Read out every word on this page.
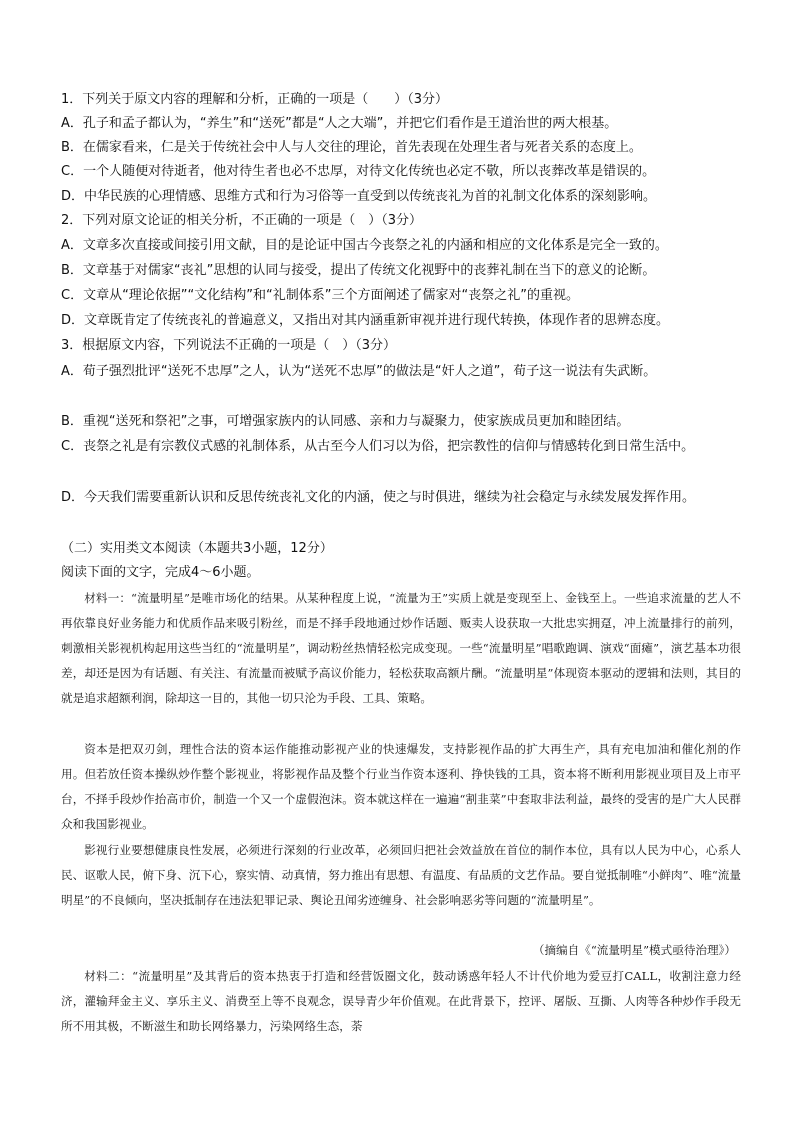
1．下列关于原文内容的理解和分析，正确的一项是（　　）（3分）
A．孔子和孟子都认为，“养生”和“送死”都是“人之大端”，并把它们看作是王道治世的两大根基。
B．在儒家看来，仁是关于传统社会中人与人交往的理论，首先表现在处理生者与死者关系的态度上。
C．一个人随便对待逝者，他对待生者也必不忠厚，对待文化传统也必定不敬，所以丧葬改革是错误的。
D．中华民族的心理情感、思维方式和行为习俗等一直受到以传统丧礼为首的礼制文化体系的深刻影响。
2．下列对原文论证的相关分析，不正确的一项是（　）（3分）
A．文章多次直接或间接引用文献，目的是论证中国古今丧祭之礼的内涵和相应的文化体系是完全一致的。
B．文章基于对儒家“丧礼”思想的认同与接受，提出了传统文化视野中的丧葬礼制在当下的意义的论断。
C．文章从“理论依据”“文化结构”和“礼制体系”三个方面阐述了儒家对“丧祭之礼”的重视。
D．文章既肯定了传统丧礼的普遍意义，又指出对其内涵重新审视并进行现代转换，体现作者的思辨态度。
3．根据原文内容，下列说法不正确的一项是（　）（3分）
A．荀子强烈批评“送死不忠厚”之人，认为“送死不忠厚”的做法是“奸人之道”，荀子这一说法有失武断。
B．重视“送死和祭祀”之事，可增强家族内的认同感、亲和力与凝聚力，使家族成员更加和睦团结。
C．丧祭之礼是有宗教仪式感的礼制体系，从古至今人们习以为俗，把宗教性的信仰与情感转化到日常生活中。
D．今天我们需要重新认识和反思传统丧礼文化的内涵，使之与时俱进，继续为社会稳定与永续发展发挥作用。
（二）实用类文本阅读（本题共3小题，12分）
阅读下面的文字，完成4～6小题。
材料一：“流量明星”是唯市场化的结果。从某种程度上说，“流量为王”实质上就是变现至上、金钱至上。一些追求流量的艺人不再依靠良好业务能力和优质作品来吸引粉丝，而是不择手段地通过炒作话题、贩卖人设获取一大批忠实拥趸，冲上流量排行的前列，刺激相关影视机构起用这些当红的“流量明星”，调动粉丝热情轻松完成变现。一些“流量明星”唱歌跑调、演戏“面瘫”，演艺基本功很差，却还是因为有话题、有关注、有流量而被赋予高议价能力，轻松获取高额片酬。“流量明星”体现资本驱动的逻辑和法则，其目的就是追求超额利润，除却这一目的，其他一切只沦为手段、工具、策略。
资本是把双刃剑，理性合法的资本运作能推动影视产业的快速爆发，支持影视作品的扩大再生产，具有充电加油和催化剂的作用。但若放任资本操纵炒作整个影视业，将影视作品及整个行业当作资本逐利、挣快钱的工具，资本将不断利用影视业项目及上市平台，不择手段炒作抬高市价，制造一个又一个虚假泡沫。资本就这样在一遍遍“割韭菜”中套取非法利益，最终的受害的是广大人民群众和我国影视业。
影视行业要想健康良性发展，必须进行深刻的行业改革，必须回归把社会效益放在首位的制作本位，具有以人民为中心，心系人民、讴歌人民，俯下身、沉下心，察实情、动真情，努力推出有思想、有温度、有品质的文艺作品。要自觉抵制唯“小鲜肉”、唯“流量明星”的不良倾向，坚决抵制存在违法犯罪记录、舆论丑闻劣迹缠身、社会影响恶劣等问题的“流量明星”。
（摘编自《“流量明星”模式亟待治理》）
材料二：“流量明星”及其背后的资本热衷于打造和经营饭圈文化，鼓动诱惑年轻人不计代价地为爱豆打CALL，收割注意力经济，灌输拜金主义、享乐主义、消费至上等不良观念，误导青少年价值观。在此背景下，控评、屠版、互撕、人肉等各种炒作手段无所不用其极，不断滋生和助长网络暴力，污染网络生态，荼
